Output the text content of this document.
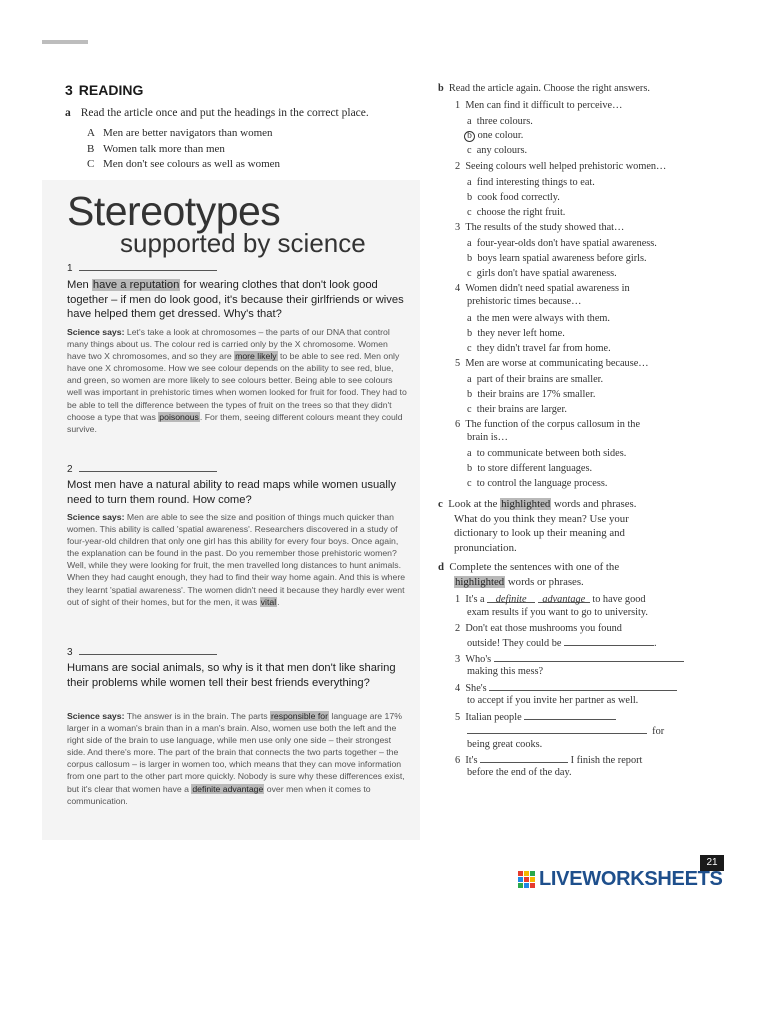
3 READING
a Read the article once and put the headings in the correct place.
A Men are better navigators than women
B Women talk more than men
C Men don't see colours as well as women
Stereotypes
supported by science
1
Men have a reputation for wearing clothes that don't look good together – if men do look good, it's because their girlfriends or wives have helped them get dressed. Why's that?
Science says: Let's take a look at chromosomes – the parts of our DNA that control many things about us. The colour red is carried only by the X chromosome. Women have two X chromosomes, and so they are more likely to be able to see red. Men only have one X chromosome. How we see colour depends on the ability to see red, blue, and green, so women are more likely to see colours better. Being able to see colours well was important in prehistoric times when women looked for fruit for food. They had to be able to tell the difference between the types of fruit on the trees so that they didn't choose a type that was poisonous. For them, seeing different colours meant they could survive.
2
Most men have a natural ability to read maps while women usually need to turn them round. How come?
Science says: Men are able to see the size and position of things much quicker than women. This ability is called 'spatial awareness'. Researchers discovered in a study of four-year-old children that only one girl has this ability for every four boys. Once again, the explanation can be found in the past. Do you remember those prehistoric women? Well, while they were looking for fruit, the men travelled long distances to hunt animals. When they had caught enough, they had to find their way home again. And this is where they learnt 'spatial awareness'. The women didn't need it because they hardly ever went out of sight of their homes, but for the men, it was vital.
3
Humans are social animals, so why is it that men don't like sharing their problems while women tell their best friends everything?
Science says: The answer is in the brain. The parts responsible for language are 17% larger in a woman's brain than in a man's brain. Also, women use both the left and the right side of the brain to use language, while men use only one side – their strongest side. And there's more. The part of the brain that connects the two parts together – the corpus callosum – is larger in women too, which means that they can move information from one part to the other part more quickly. Nobody is sure why these differences exist, but it's clear that women have a definite advantage over men when it comes to communication.
b Read the article again. Choose the right answers.
1 Men can find it difficult to perceive…
a three colours.
b one colour.
c any colours.
2 Seeing colours well helped prehistoric women…
a find interesting things to eat.
b cook food correctly.
c choose the right fruit.
3 The results of the study showed that…
a four-year-olds don't have spatial awareness.
b boys learn spatial awareness before girls.
c girls don't have spatial awareness.
4 Women didn't need spatial awareness in
prehistoric times because…
a the men were always with them.
b they never left home.
c they didn't travel far from home.
5 Men are worse at communicating because…
a part of their brains are smaller.
b their brains are 17% smaller.
c their brains are larger.
6 The function of the corpus callosum in the
brain is…
a to communicate between both sides.
b to store different languages.
c to control the language process.
c Look at the highlighted words and phrases.
What do you think they mean? Use your
dictionary to look up their meaning and
pronunciation.
d Complete the sentences with one of the
highlighted words or phrases.
1 It's a definite advantage to have good
exam results if you want to go to university.
2 Don't eat those mushrooms you found
outside! They could be	.
3 Who's
making this mess?
4 She's
to accept if you invite her partner as well.
5 Italian people
for
being great cooks.
6 It's	I finish the report
before the end of the day.
21
LIVEWORKSHEETS
